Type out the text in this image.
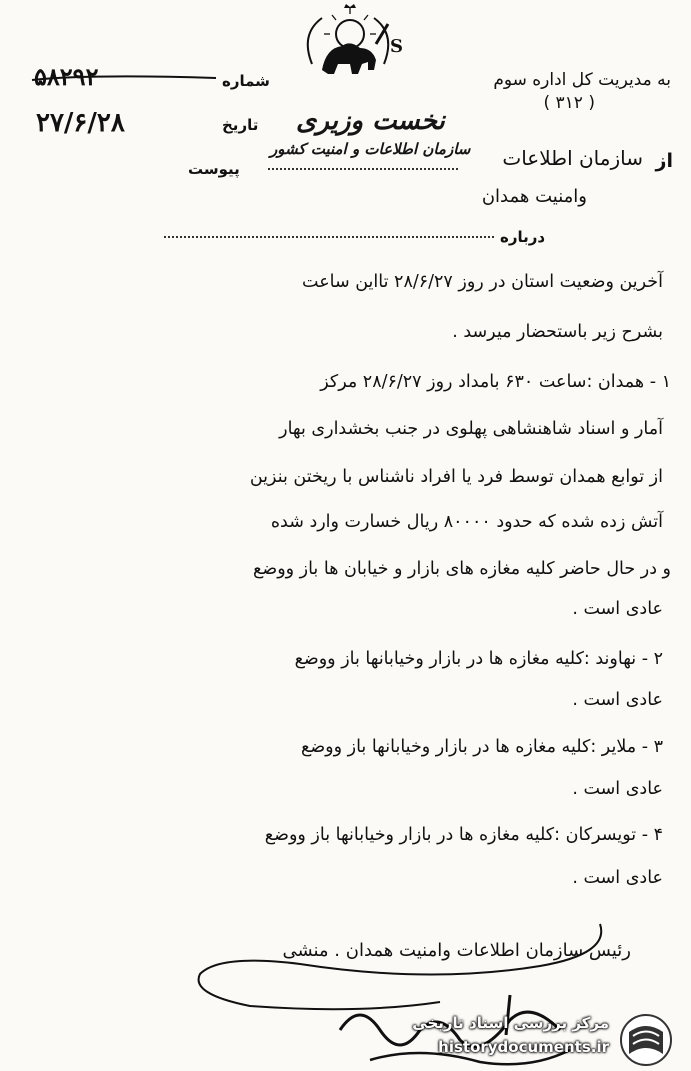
S
نخست وزیری
شماره
۵۸۲۹۲
تاریخ
۲۷/۶/۲۸
پیوست
به مدیریت کل اداره سوم
( ۳۱۲ )
از
سازمان اطلاعات
سازمان اطلاعات و امنیت کشور
وامنیت همدان
درباره
آخرین وضعیت استان در روز ۲۸/۶/۲۷ تااین ساعت
بشرح زیر باستحضار میرسد .
۱ - همدان :ساعت ۶۳۰ بامداد روز ۲۸/۶/۲۷ مرکز
آمار و اسناد شاهنشاهی پهلوی در جنب بخشداری بهار
از توابع همدان توسط فرد یا افراد ناشناس با ریختن بنزین
آتش زده شده که حدود ۸۰۰۰۰ ریال خسارت وارد شده
و در حال حاضر کلیه مغازه های بازار و خیابان ها باز ووضع
عادی است .
۲ - نهاوند :کلیه مغازه ها در بازار وخیابانها باز ووضع
عادی است .
۳ - ملایر :کلیه مغازه ها در بازار وخیابانها باز ووضع
عادی است .
۴ - تویسرکان :کلیه مغازه ها در بازار وخیابانها باز ووضع
عادی است .
رئیس سازمان اطلاعات وامنیت همدان . منشی
مرکز بررسی اسناد تاریخی
historydocuments.ir
